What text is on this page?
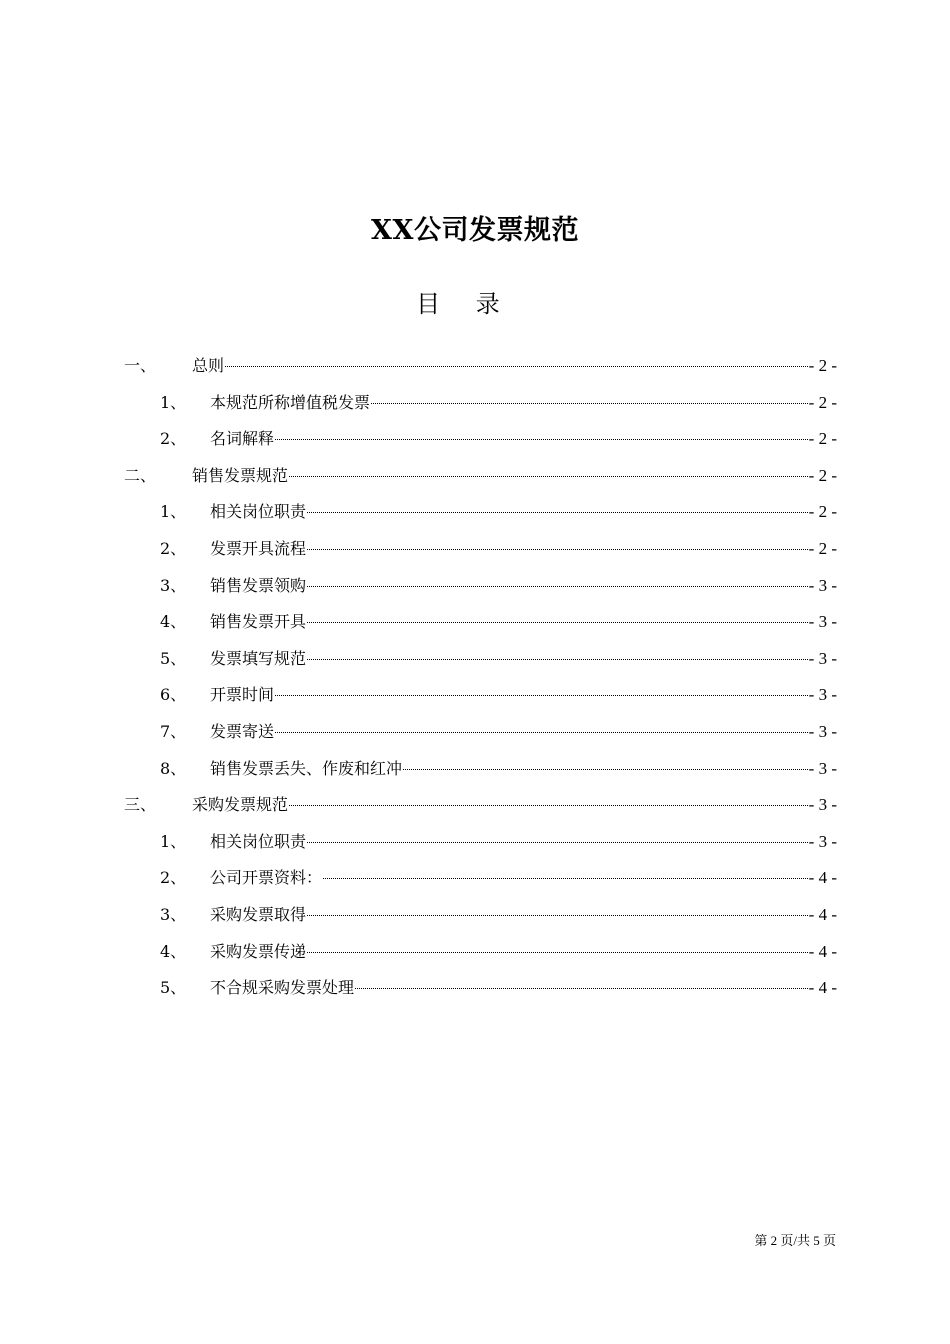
XX公司发票规范
目 录
一、	总则	- 2 -
1、	本规范所称增值税发票	- 2 -
2、	名词解释	- 2 -
二、	销售发票规范	- 2 -
1、	相关岗位职责	- 2 -
2、	发票开具流程	- 2 -
3、	销售发票领购	- 3 -
4、	销售发票开具	- 3 -
5、	发票填写规范	- 3 -
6、	开票时间	- 3 -
7、	发票寄送	- 3 -
8、	销售发票丢失、作废和红冲	- 3 -
三、	采购发票规范	- 3 -
1、	相关岗位职责	- 3 -
2、	公司开票资料：	- 4 -
3、	采购发票取得	- 4 -
4、	采购发票传递	- 4 -
5、	不合规采购发票处理	- 4 -
第 2 页/共 5 页
